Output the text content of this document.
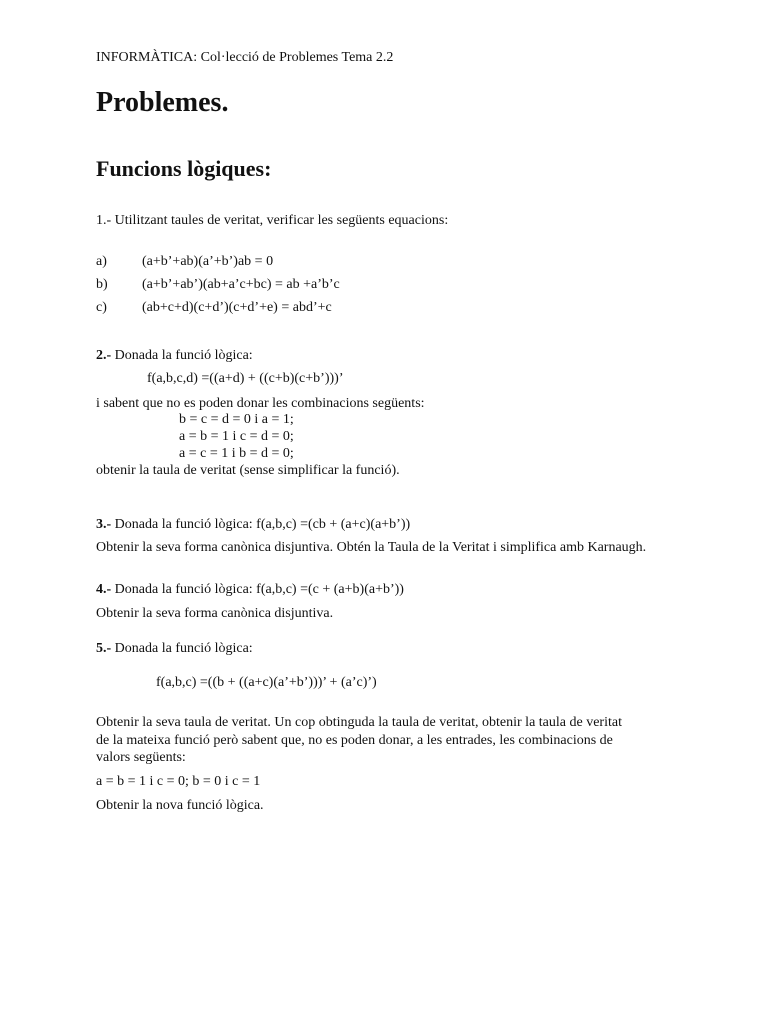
INFORMÀTICA: Col·lecció de Problemes Tema 2.2
Problemes.
Funcions lògiques:
1.- Utilitzant taules de veritat, verificar les següents equacions:
a)	(a+b’+ab)(a’+b’)ab = 0
b) (a+b’+ab’)(ab+a’c+bc) = ab +a’b’c
c)	(ab+c+d)(c+d’)(c+d’+e) = abd’+c
2.- Donada la funció lògica:
f(a,b,c,d) =((a+d) + ((c+b)(c+b’)))’
i sabent que no es poden donar les combinacions següents:
b = c = d = 0 i a = 1;
a = b = 1 i c = d = 0;
a = c = 1 i b = d = 0;
obtenir la taula de veritat (sense simplificar la funció).
3.- Donada la funció lògica: f(a,b,c) =(cb + (a+c)(a+b’))
Obtenir la seva forma canònica disjuntiva. Obtén la Taula de la Veritat i simplifica amb Karnaugh.
4.- Donada la funció lògica: f(a,b,c) =(c + (a+b)(a+b’))
Obtenir la seva forma canònica disjuntiva.
5.- Donada la funció lògica:
f(a,b,c) =((b + ((a+c)(a’+b’)))’ + (a’c)’)
Obtenir la seva taula de veritat. Un cop obtinguda la taula de veritat, obtenir la taula de veritat
de la mateixa funció però sabent que, no es poden donar, a les entrades, les combinacions de
valors següents:
a = b = 1 i c = 0; b = 0 i c = 1
Obtenir la nova funció lògica.
